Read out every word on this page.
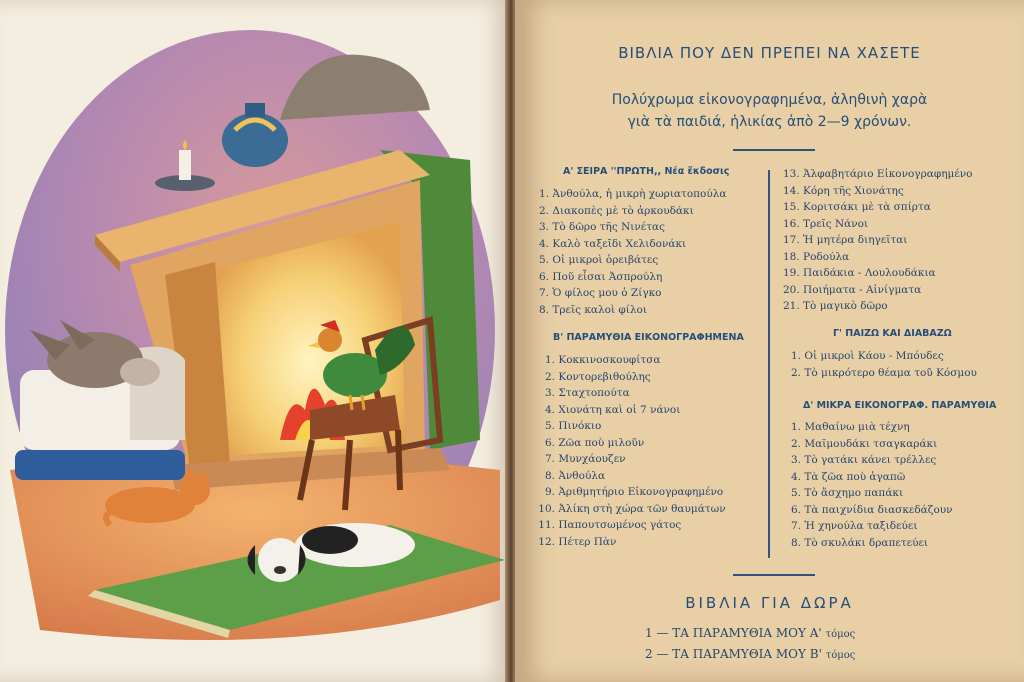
ΒΙΒΛΙΑ ΠΟΥ ΔΕΝ ΠΡΕΠΕΙ ΝΑ ΧΑΣΕΤΕ
Πολύχρωμα εἰκονογραφημένα, ἀληθινὴ χαρὰ
γιὰ τὰ παιδιά, ἡλικίας ἀπὸ 2—9 χρόνων.
Α' ΣΕΙΡΑ ''ΠΡΩΤΗ,, Νέα ἔκδοσις
1. Ἀνθούλα, ἡ μικρὴ χωριατοπούλα
2. Διακοπὲς μὲ τὸ ἀρκουδάκι
3. Τὸ δῶρο τῆς Νινέτας
4. Καλὸ ταξεῖδι Χελιδονάκι
5. Οἱ μικροὶ ὀρειβάτες
6. Ποῦ εἶσαι Ἀσπρούλη
7. Ὁ φίλος μου ὁ Ζίγκο
8. Τρεῖς καλοὶ φίλοι
Β' ΠΑΡΑΜΥΘΙΑ ΕΙΚΟΝΟΓΡΑΦΗΜΕΝΑ
1. Κοκκινοσκουφίτσα
2. Κοντορεβιθούλης
3. Σταχτοπούτα
4. Χιονάτη καὶ οἱ 7 νάνοι
5. Πινόκιο
6. Ζῶα ποὺ μιλοῦν
7. Μυνχάουζεν
8. Ἀνθούλα
9. Ἀριθμητήριο Εἰκονογραφημένο
10. Ἀλίκη στὴ χώρα τῶν θαυμάτων
11. Παπουτσωμένος γάτος
12. Πέτερ Πὰν
13. Ἀλφαβητάριο Εἰκονογραφημένο
14. Κόρη τῆς Χιονάτης
15. Κοριτσάκι μὲ τὰ σπίρτα
16. Τρεῖς Νάνοι
17. Ἡ μητέρα διηγεῖται
18. Ροδούλα
19. Παιδάκια - Λουλουδάκια
20. Ποιήματα - Αἰνίγματα
21. Τὸ μαγικὸ δῶρο
Γ' ΠΑΙΖΩ ΚΑΙ ΔΙΑΒΑΖΩ
1. Οἱ μικροὶ Κάου - Μπόυδες
2. Τὸ μικρότερο θέαμα τοῦ Κόσμου
Δ' ΜΙΚΡΑ ΕΙΚΟΝΟΓΡΑΦ. ΠΑΡΑΜΥΘΙΑ
1. Μαθαίνω μιὰ τέχνη
2. Μαϊμουδάκι τσαγκαράκι
3. Τὸ γατάκι κάνει τρέλλες
4. Τὰ ζῶα ποὺ ἀγαπῶ
5. Τὸ ἄσχημο παπάκι
6. Τὰ παιχνίδια διασκεδάζουν
7. Ἡ χηνούλα ταξιδεύει
8. Τὸ σκυλάκι δραπετεύει
ΒΙΒΛΙΑ ΓΙΑ ΔΩΡΑ
1 — ΤΑ ΠΑΡΑΜΥΘΙΑ ΜΟΥ Α' τόμος
2 — ΤΑ ΠΑΡΑΜΥΘΙΑ ΜΟΥ Β' τόμος
